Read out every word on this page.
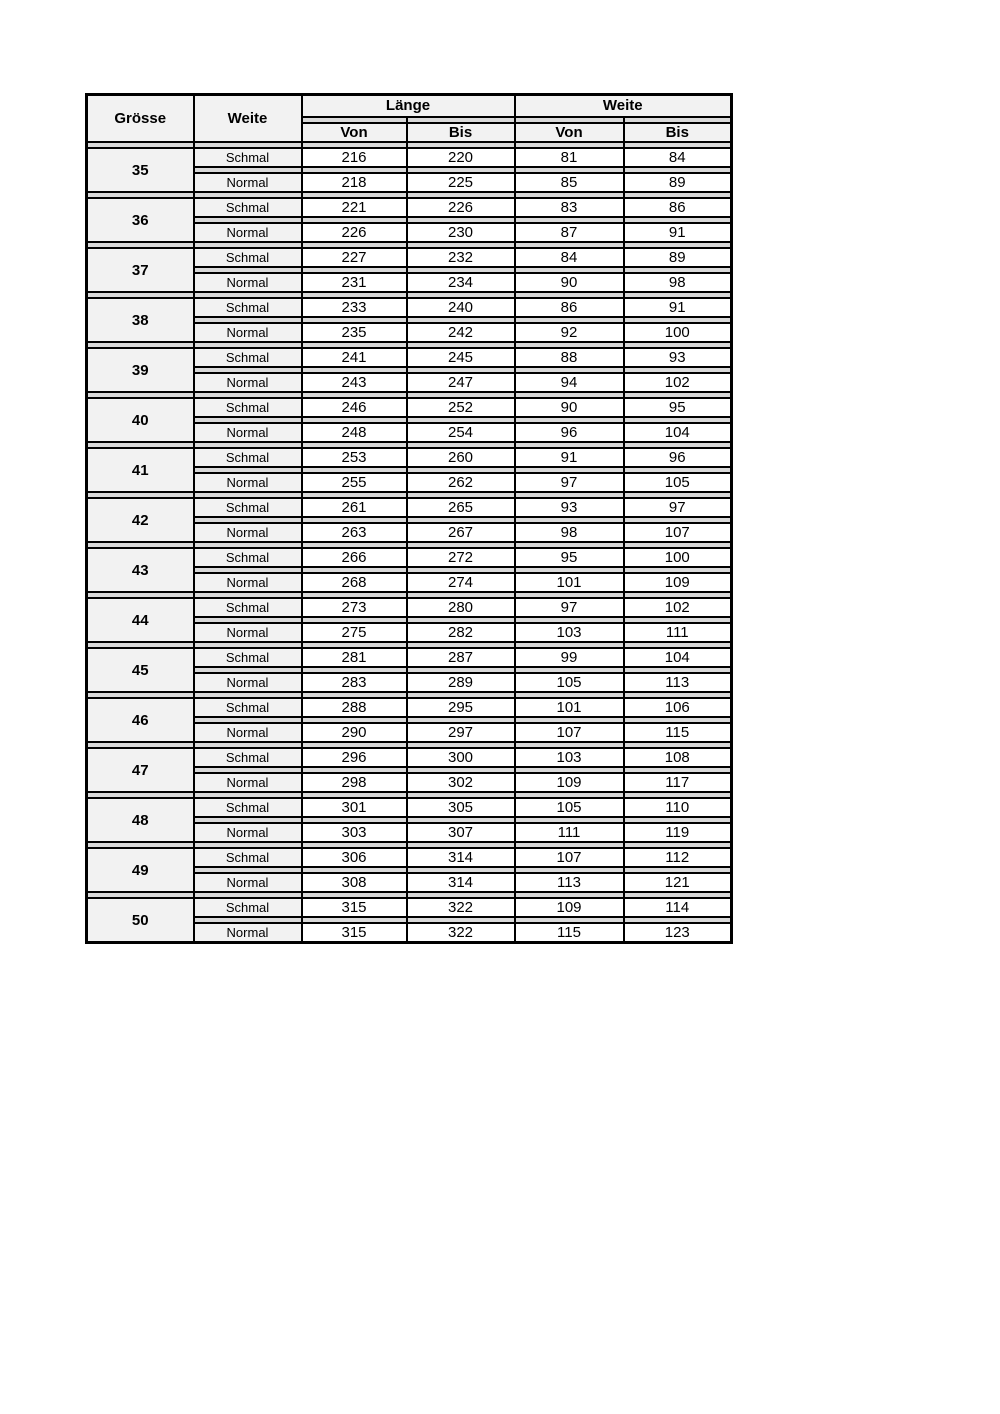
Grösse	Weite	Länge		Weite	

		Von	Bis	Von	Bis

35	Schmal	216	220	81	84

	Normal	218	225	85	89

36	Schmal	221	226	83	86

	Normal	226	230	87	91

37	Schmal	227	232	84	89

	Normal	231	234	90	98

38	Schmal	233	240	86	91

	Normal	235	242	92	100

39	Schmal	241	245	88	93

	Normal	243	247	94	102

40	Schmal	246	252	90	95

	Normal	248	254	96	104

41	Schmal	253	260	91	96

	Normal	255	262	97	105

42	Schmal	261	265	93	97

	Normal	263	267	98	107

43	Schmal	266	272	95	100

	Normal	268	274	101	109

44	Schmal	273	280	97	102

	Normal	275	282	103	111

45	Schmal	281	287	99	104

	Normal	283	289	105	113

46	Schmal	288	295	101	106

	Normal	290	297	107	115

47	Schmal	296	300	103	108

	Normal	298	302	109	117

48	Schmal	301	305	105	110

	Normal	303	307	111	119

49	Schmal	306	314	107	112

	Normal	308	314	113	121

50	Schmal	315	322	109	114

	Normal	315	322	115	123
